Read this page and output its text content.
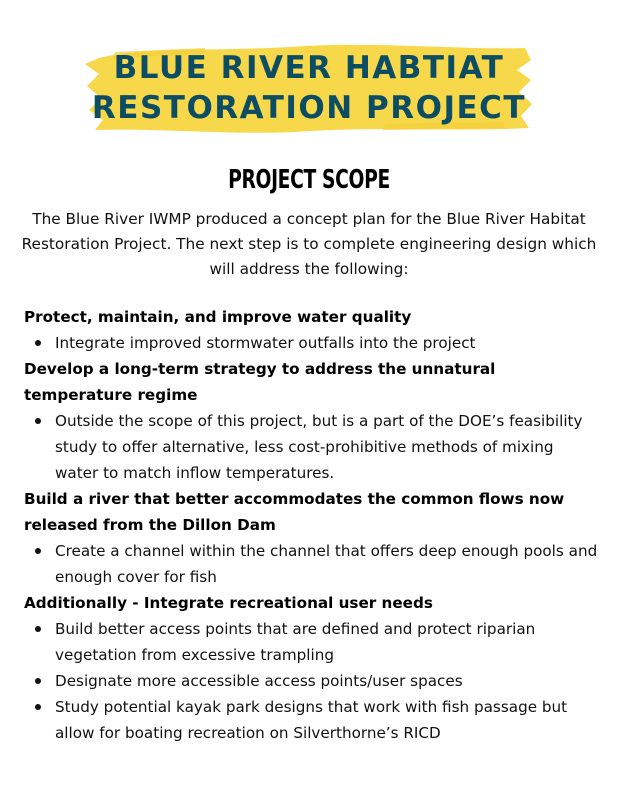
BLUE RIVER HABTIAT
RESTORATION PROJECT
PROJECT SCOPE
The Blue River IWMP produced a concept plan for the Blue River Habitat Restoration Project. The next step is to complete engineering design which will address the following:

Protect, maintain, and improve water quality

Integrate improved stormwater outfalls into the project

Develop a long-term strategy to address the unnatural temperature regime

Outside the scope of this project, but is a part of the DOE’s feasibility study to offer alternative, less cost-prohibitive methods of mixing water to match inflow temperatures.

Build a river that better accommodates the common flows now released from the Dillon Dam

Create a channel within the channel that offers deep enough pools and enough cover for fish

Additionally - Integrate recreational user needs

Build better access points that are defined and protect riparian vegetation from excessive trampling
Designate more accessible access points/user spaces
Study potential kayak park designs that work with fish passage but allow for boating recreation on Silverthorne’s RICD
